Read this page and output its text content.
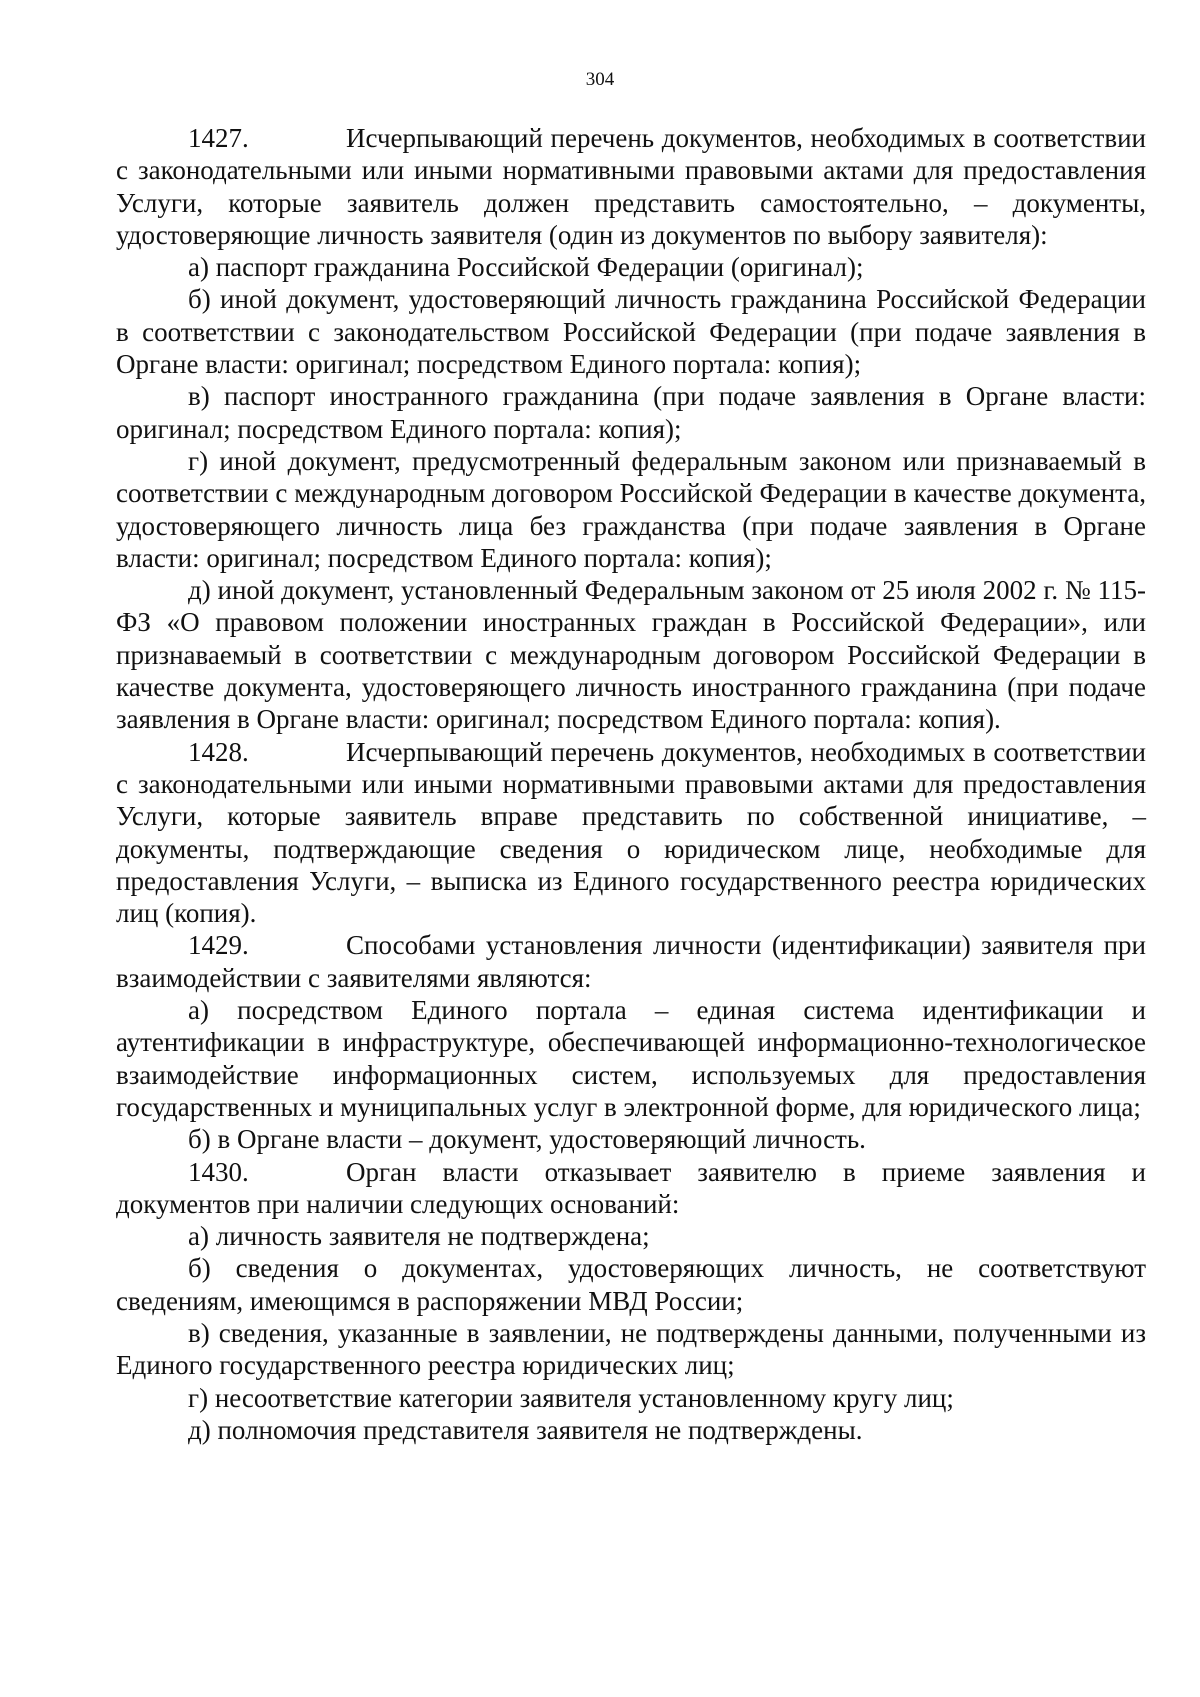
304

1427.	Исчерпывающий перечень документов, необходимых в соответствии с законодательными или иными нормативными правовыми актами для предоставления Услуги, которые заявитель должен представить самостоятельно, – документы, удостоверяющие личность заявителя (один из документов по выбору заявителя):

а) паспорт гражданина Российской Федерации (оригинал);

б) иной документ, удостоверяющий личность гражданина Российской Федерации в соответствии с законодательством Российской Федерации (при подаче заявления в Органе власти: оригинал; посредством Единого портала: копия);

в) паспорт иностранного гражданина (при подаче заявления в Органе власти: оригинал; посредством Единого портала: копия);

г) иной документ, предусмотренный федеральным законом или признаваемый в соответствии с международным договором Российской Федерации в качестве документа, удостоверяющего личность лица без гражданства (при подаче заявления в Органе власти: оригинал; посредством Единого портала: копия);

д) иной документ, установленный Федеральным законом от 25 июля 2002 г. № 115-ФЗ «О правовом положении иностранных граждан в Российской Федерации», или признаваемый в соответствии с международным договором Российской Федерации в качестве документа, удостоверяющего личность иностранного гражданина (при подаче заявления в Органе власти: оригинал; посредством Единого портала: копия).

1428.	Исчерпывающий перечень документов, необходимых в соответствии с законодательными или иными нормативными правовыми актами для предоставления Услуги, которые заявитель вправе представить по собственной инициативе, – документы, подтверждающие сведения о юридическом лице, необходимые для предоставления Услуги, – выписка из Единого государственного реестра юридических лиц (копия).

1429.	Способами установления личности (идентификации) заявителя при взаимодействии с заявителями являются:

а) посредством Единого портала – единая система идентификации и аутентификации в инфраструктуре, обеспечивающей информационно-технологическое взаимодействие информационных систем, используемых для предоставления государственных и муниципальных услуг в электронной форме, для юридического лица;

б) в Органе власти – документ, удостоверяющий личность.

1430.	Орган власти отказывает заявителю в приеме заявления и документов при наличии следующих оснований:

а) личность заявителя не подтверждена;

б) сведения о документах, удостоверяющих личность, не соответствуют сведениям, имеющимся в распоряжении МВД России;

в) сведения, указанные в заявлении, не подтверждены данными, полученными из Единого государственного реестра юридических лиц;

г) несоответствие категории заявителя установленному кругу лиц;

д) полномочия представителя заявителя не подтверждены.
